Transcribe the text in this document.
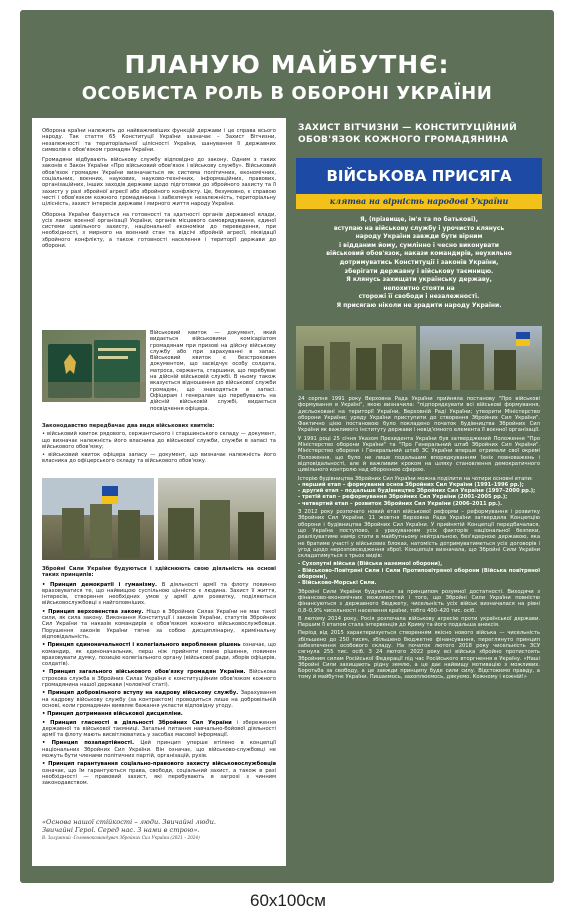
ПЛАНУЮ МАЙБУТНЄ:
ОСОБИСТА РОЛЬ В ОБОРОНІ УКРАЇНИ

Оборона країни належить до найважливіших функцій держави і це справа всього народу. Так стаття 65 Конституції України зазначає – Захист Вітчизни, незалежності та територіальної цілісності України, шанування її державних символів є обов'язком громадян України.

Громадяни відбувають військову службу відповідно до закону. Одним з таких законів є Закон України «Про військовий обов'язок і військову службу». Військовий обов'язок громадян України визначається як система політичних, економічних, соціальних, воєнних, наукових, науково-технічних, інформаційних, правових, організаційних, інших заходів держави щодо підготовки до збройного захисту та її захисту у разі збройної агресії або збройного конфлікту. Це, безумовно, є справою честі і обов'язком кожного громадянина і забезпечує незалежність, територіальну цілісність, захист інтересів держави і мирного життя народу України.

Оборона України базується на готовності та здатності органів державної влади, усіх ланок воєнної організації України, органів місцевого самоврядування, єдиної системи цивільного захисту, національної економіки до переведення, при необхідності, з мирного на воєнний стан та відсічі збройній агресії, ліквідації збройного конфлікту, а також готовності населення і території держави до оборони.

Військовий квиток — документ, який видається військовими комісаріатом громадянам при призові на дійсну військову службу або при зарахуванні в запас. Військовий квиток є безстроковим документом, що засвідчує особу солдата, матроса, сержанта, старшини, що перебуває на дійсній військовій службі. В ньому також вказується відношення до військової служби громадян, що знаходяться в запасі. Офіцерам і генералам що перебувають на дійсній військовій службі, видається посвідчення офіцера.

Законодавство передбачає два види військових квитків:

• військовий квиток рядового, сержантського і старшинського складу — документ, що визначає належність його власника до військової служби, служби в запасі та військового обов'язку;

• військовий квиток офіцера запасу — документ, що визначає належність його власника до офіцерського складу та військового обов'язку.

Збройні Сили України будуються і здійснюють свою діяльність на основі таких принципів:

• Принцип демократії і гуманізму. В діяльності армії та флоту повинно враховуватися те, що найвищою суспільною цінністю є людина. Захист її життя, інтересів, створення необхідних умов у армії для розвитку, поділяються військовослужбовці з найголовніших.

• Принцип верховенства закону. Ніщо в Збройних Силах України не має такої сили, як сила закону. Виконання Конституції і законів України, статутів Збройних Сил України та наказів командирів є обов'язком кожного військовослужбовця. Порушення законів України тягне за собою дисциплінарну, кримінальну відповідальність.

• Принцип єдиноначальності і колегіального вироблення рішень означає, що командир, як єдиноначальник, перш ніж прийняти певне рішення, повинен враховувати думку, позицію колегіального органу (військової ради, зборів офіцерів, солдатів).

• Принцип загального військового обов'язку громадян України. Військова строкова служба в Збройних Силах України є конституційним обов'язком кожного громадянина нашої держави (чоловічої статі).

• Принцип добровільного вступу на кадрову військову службу. Зарахування на кадрову військову службу (за контрактом) проводиться лише на добровільній основі, коли громадянин виявляє бажання укласти відповідну угоду.

• Принцип дотримання військової дисципліни.

• Принцип гласності в діяльності Збройних Сил України і збереження державної та військової таємниці. Загальні питання навчально-бойової діяльності армії та флоту мають висвітлюватись у засобах масової інформації.

• Принцип позапартійності. Цей принцип уперше втілено в концепції національних Збройних Сил України. Він означає, що військово-службовці не можуть бути членами політичних партій, організацій, рухів.

• Принцип гарантування соціально-правового захисту військовослужбовців означає, що їм гарантуються права, свободи, соціальний захист, а також в разі необхідності — правовий захист, які перебувають в загрозі з чинним законодавством.

«Основа нашої стійкості – люди. Звичайні люди.
Звичайні Герої. Серед нас. З нами в строю».
В. Залужний -Головнокомандувач Збройних Сил України (2021 – 2024)
ЗАХИСТ ВІТЧИЗНИ — КОНСТИТУЦІЙНИЙ
ОБОВ'ЯЗОК КОЖНОГО ГРОМАДЯНИНА
ВІЙСЬКОВА ПРИСЯГА
клятва на вірність народові України
Я, (прізвище, ім'я та по батькові),
вступаю на військову службу і урочисто клянусь
народу України завжди бути вірним
і відданим йому, сумлінно і чесно виконувати
військовий обов'язок, накази командирів, неухильно
дотримуватись Конституції і законів України,
зберігати державну і військову таємницю.
Я клянусь захищати українську державу,
непохитно стояти на
сторожі її свободи і незалежності.
Я присягаю ніколи не зрадити народу України.

24 серпня 1991 року Верховна Рада України прийняла постанову "Про військові формування в Україні", якою визначила: "підпорядкувати всі військові формування, дисльоковані на території України, Верховній Раді України; утворити Міністерство оборони України; уряду України приступити до створення Збройних Сил України". Фактично цією постановою було покладено початок будівництва Збройних Сил України як важливого інституту держави і невід'ємного елемента її воєнної організації.

У 1991 році 25 січня Указом Президента України був затверджений Положення "Про Міністерство оборони України" та "Про Генеральний штаб Збройних Сил України". Міністерство оборони і Генеральний штаб ЗС України вперше отримали свої окремі Положення, що було не лише подальшим впорядкуванням їхніх повноважень і відповідальності, але й важливим кроком на шляху становлення демократичного цивільного контролю над оборонною сферою.

Історію будівництва Збройних Сил України можна поділити на чотири основні етапи:

- перший етап – формування основ Збройних Сил України (1991–1996 рр.);
- другий етап – подальше будівництво Збройних Сил України (1997–2000 рр.);
- третій етап – реформування Збройних Сил України (2001–2005 рр.);
- четвертий етап – розвиток Збройних Сил України (2006–2011 рр.).

З 2012 року розпочато новий етап військової реформи – реформування і розвитку Збройних Сил України. 11 жовтня Верховна Рада України затвердила Концепцію оборони і будівництва Збройних Сил України. У прийнятій Концепції передбачалася, що Україна поступово, з урахуванням усіх факторів національної безпеки, реалізуватиме намір стати в майбутньому нейтральною, без'ядерною державою, яка не братиме участі у військових блоках, натомість дотримуватиметься усіх договорів і угод щодо нерозповсюдження зброї. Концепція визначала, що Збройні Сили України складатимуться з трьох видів:

- Сухопутні війська (Війська наземної оборони),
- Військово-Повітряні Сили і Сили Протиповітряної оборони (Війська повітряної оборони),
- Військово-Морські Сили.

Збройні Сили України будуються за принципом розумної достатності. Виходячи з фінансово-економічних можливостей і того, що Збройні Сили України повністю фінансуються з державного бюджету, чисельність усіх військ визначалася на рівні 0,8–0,9% чисельності населення країни, тобто 400–420 тис. осіб.

В лютому 2014 року, Росія розпочала військову агресію проти української держави. Першим її етапом стала інтервенція до Криму та його подальша анексія.

Період від 2015 характеризується створенням якісно нового війська — чисельність збільшено до 250 тисяч, збільшено бюджетне фінансування, переглянуто принцип забезпечення особового складу. На початок лютого 2018 року чисельність ЗСУ сягнула 255 тис. осіб. З 24 лютого 2022 року всі війська збройно протистоять Збройним силам Російської Федерації під час Російського вторгнення в Україну. «Наші Збройні Сили захищають рідну землю, а це дає найвищу мотивацію з можливих. Боротьба за свободу, а це завжди принципу буде сили силу. Відстоюємо правду, а тому й майбутнє України. Пишаємось, захоплюємось, дякуємо. Кожному і кожній!»

60x100см
